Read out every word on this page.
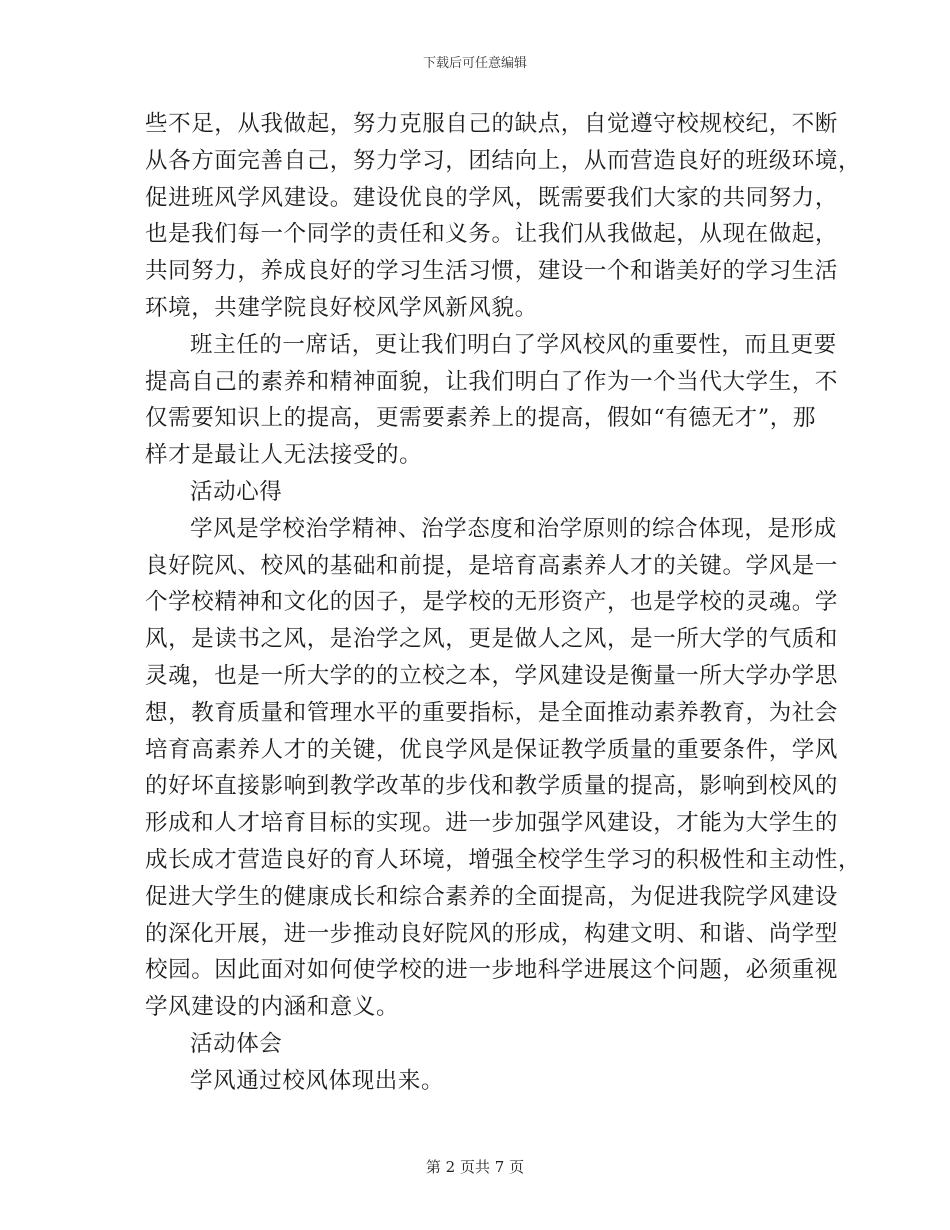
下载后可任意编辑
些不足，从我做起，努力克服自己的缺点，自觉遵守校规校纪，不断
从各方面完善自己，努力学习，团结向上，从而营造良好的班级环境，
促进班风学风建设。建设优良的学风，既需要我们大家的共同努力，
也是我们每一个同学的责任和义务。让我们从我做起，从现在做起，
共同努力，养成良好的学习生活习惯，建设一个和谐美好的学习生活
环境，共建学院良好校风学风新风貌。
班主任的一席话，更让我们明白了学风校风的重要性，而且更要
提高自己的素养和精神面貌，让我们明白了作为一个当代大学生，不
仅需要知识上的提高，更需要素养上的提高，假如“有德无才”，那
样才是最让人无法接受的。
活动心得
学风是学校治学精神、治学态度和治学原则的综合体现，是形成
良好院风、校风的基础和前提，是培育高素养人才的关键。学风是一
个学校精神和文化的因子，是学校的无形资产，也是学校的灵魂。学
风，是读书之风，是治学之风，更是做人之风，是一所大学的气质和
灵魂，也是一所大学的的立校之本，学风建设是衡量一所大学办学思
想，教育质量和管理水平的重要指标，是全面推动素养教育，为社会
培育高素养人才的关键，优良学风是保证教学质量的重要条件，学风
的好坏直接影响到教学改革的步伐和教学质量的提高，影响到校风的
形成和人才培育目标的实现。进一步加强学风建设，才能为大学生的
成长成才营造良好的育人环境，增强全校学生学习的积极性和主动性，
促进大学生的健康成长和综合素养的全面提高，为促进我院学风建设
的深化开展，进一步推动良好院风的形成，构建文明、和谐、尚学型
校园。因此面对如何使学校的进一步地科学进展这个问题，必须重视
学风建设的内涵和意义。
活动体会
学风通过校风体现出来。
第 2 页共 7 页
